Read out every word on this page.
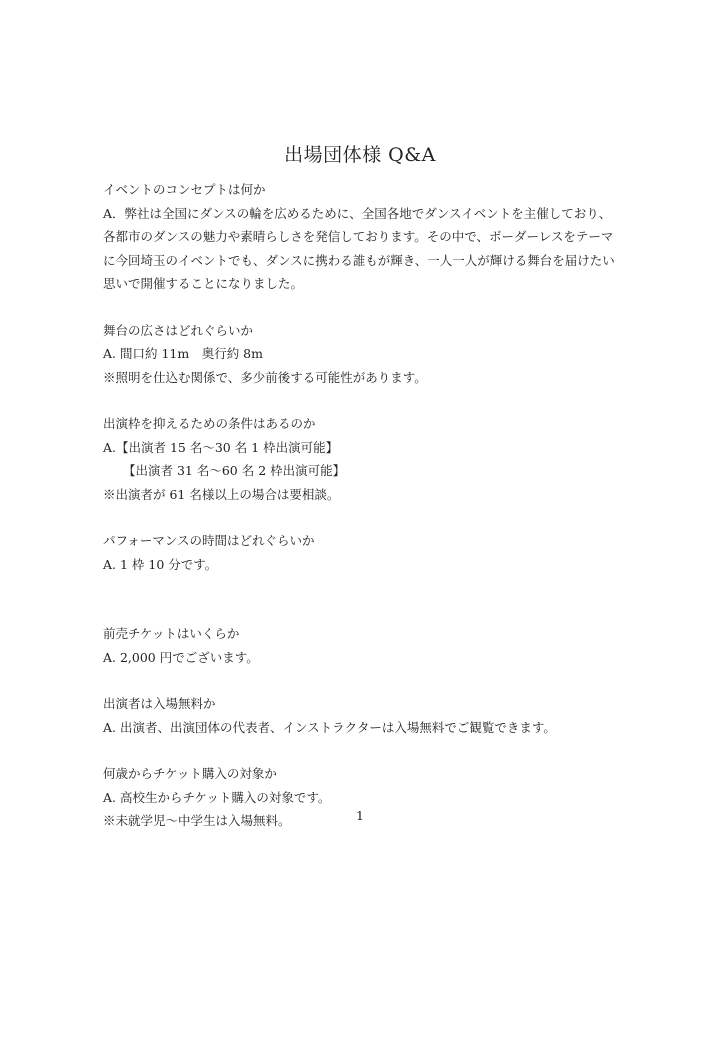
出場団体様 Q&A

イベントのコンセプトは何か

A．弊社は全国にダンスの輪を広めるために、全国各地でダンスイベントを主催しており、

各都市のダンスの魅力や素晴らしさを発信しております。その中で、ボーダーレスをテーマ

に今回埼玉のイベントでも、ダンスに携わる誰もが輝き、一人一人が輝ける舞台を届けたい

思いで開催することになりました。

舞台の広さはどれぐらいか

A. 間口約 11m　奥行約 8m

※照明を仕込む関係で、多少前後する可能性があります。

出演枠を抑えるための条件はあるのか

A.【出演者 15 名～30 名 1 枠出演可能】

【出演者 31 名～60 名 2 枠出演可能】

※出演者が 61 名様以上の場合は要相談。

パフォーマンスの時間はどれぐらいか

A. 1 枠 10 分です。

前売チケットはいくらか

A. 2,000 円でございます。

出演者は入場無料か

A. 出演者、出演団体の代表者、インストラクターは入場無料でご観覧できます。

何歳からチケット購入の対象か

A. 高校生からチケット購入の対象です。

※未就学児～中学生は入場無料。	1
